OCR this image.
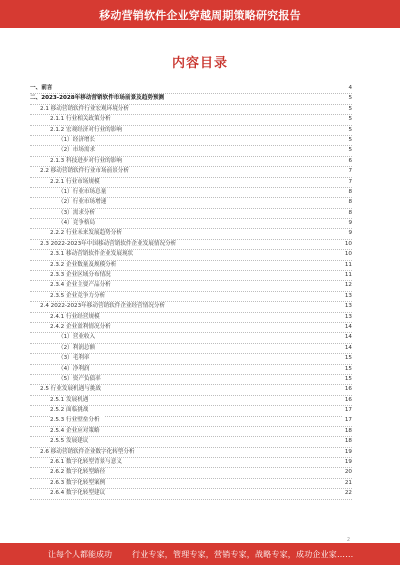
移动营销软件企业穿越周期策略研究报告
内容目录
一、前言	4
二、2023-2028年移动营销软件市场前景及趋势预测	5
2.1 移动营销软件行业宏观环境分析	5
2.1.1 行业相关政策分析	5
2.1.2 宏观经济对行业的影响	5
（1）经济增长	5
（2）市场需求	5
2.1.3 科技进步对行业的影响	6
2.2 移动营销软件行业市场前景分析	7
2.2.1 行业市场规模	7
（1）行业市场总量	8
（2）行业市场增速	8
（3）需求分析	8
（4）竞争格局	9
2.2.2 行业未来发展趋势分析	9
2.3 2022-2023年中国移动营销软件企业发展情况分析	10
2.3.1 移动营销软件企业发展现状	10
2.3.2 企业数量及规模分析	11
2.3.3 企业区域分布情况	11
2.3.4 企业主要产品分析	12
2.3.5 企业竞争力分析	13
2.4 2022-2023年移动营销软件企业经营情况分析	13
2.4.1 行业经营规模	13
2.4.2 企业盈利情况分析	14
（1）营业收入	14
（2）利润总额	14
（3）毛利率	15
（4）净利润	15
（5）资产负债率	15
2.5 行业发展机遇与挑战	16
2.5.1 发展机遇	16
2.5.2 面临挑战	17
2.5.3 行业壁垒分析	17
2.5.4 企业应对策略	18
2.5.5 发展建议	18
2.6 移动营销软件企业数字化转型分析	19
2.6.1 数字化转型背景与意义	19
2.6.2 数字化转型路径	20
2.6.3 数字化转型案例	21
2.6.4 数字化转型建议	22
2
让每个人都能成功	行业专家，管理专家，营销专家，战略专家，成功企业家……
